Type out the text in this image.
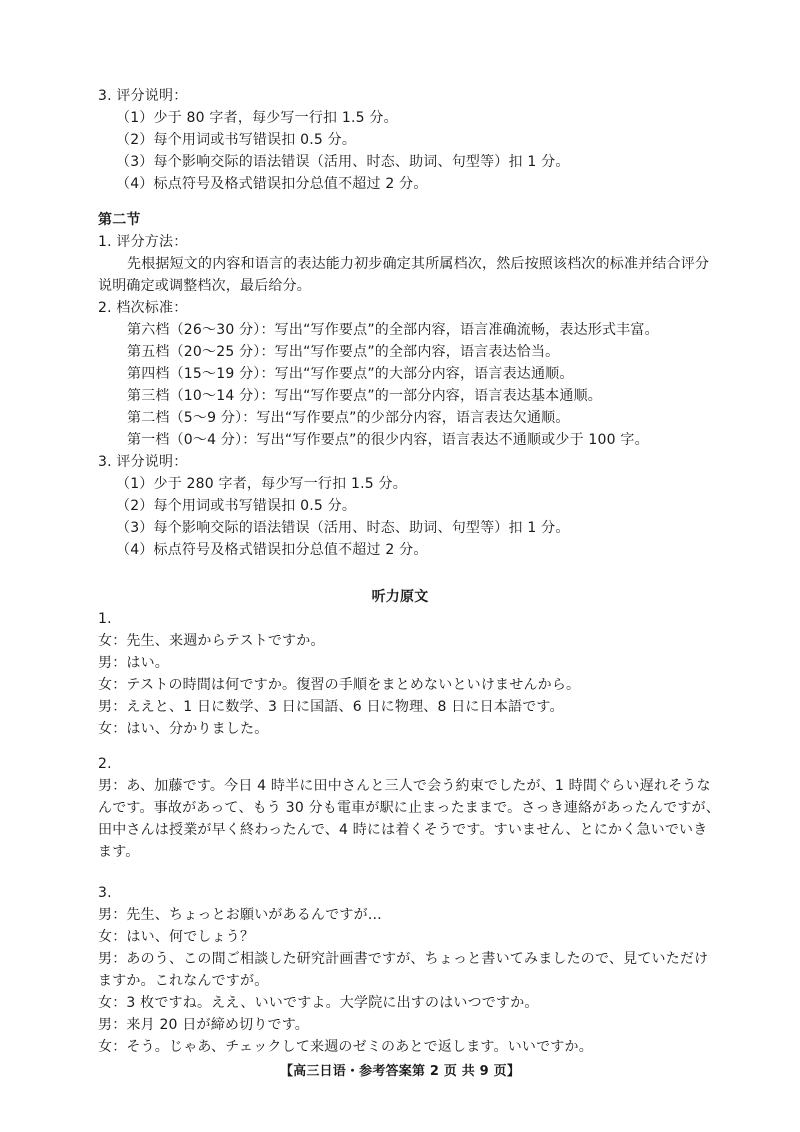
3. 评分说明：
（1）少于 80 字者，每少写一行扣 1.5 分。
（2）每个用词或书写错误扣 0.5 分。
（3）每个影响交际的语法错误（活用、时态、助词、句型等）扣 1 分。
（4）标点符号及格式错误扣分总值不超过 2 分。
第二节
1. 评分方法：
先根据短文的内容和语言的表达能力初步确定其所属档次，然后按照该档次的标准并结合评分
说明确定或调整档次，最后给分。
2. 档次标准：
第六档（26～30 分）：写出“写作要点”的全部内容，语言准确流畅，表达形式丰富。
第五档（20～25 分）：写出“写作要点”的全部内容，语言表达恰当。
第四档（15～19 分）：写出“写作要点”的大部分内容，语言表达通顺。
第三档（10～14 分）：写出“写作要点”的一部分内容，语言表达基本通顺。
第二档（5～9 分）：写出“写作要点”的少部分内容，语言表达欠通顺。
第一档（0～4 分）：写出“写作要点”的很少内容，语言表达不通顺或少于 100 字。
3. 评分说明：
（1）少于 280 字者，每少写一行扣 1.5 分。
（2）每个用词或书写错误扣 0.5 分。
（3）每个影响交际的语法错误（活用、时态、助词、句型等）扣 1 分。
（4）标点符号及格式错误扣分总值不超过 2 分。
听力原文
1.
女：先生、来週からテストですか。
男：はい。
女：テストの時間は何ですか。復習の手順をまとめないといけませんから。
男：ええと、1 日に数学、3 日に国語、6 日に物理、8 日に日本語です。
女：はい、分かりました。
2.
男：あ、加藤です。今日 4 時半に田中さんと三人で会う約束でしたが、1 時間ぐらい遅れそうな
んです。事故があって、もう 30 分も電車が駅に止まったままで。さっき連絡があったんですが、
田中さんは授業が早く終わったんで、4 時には着くそうです。すいません、とにかく急いでいき
ます。
3.
男：先生、ちょっとお願いがあるんですが…
女：はい、何でしょう？
男：あのう、この間ご相談した研究計画書ですが、ちょっと書いてみましたので、見ていただけ
ますか。これなんですが。
女：3 枚ですね。ええ、いいですよ。大学院に出すのはいつですか。
男：来月 20 日が締め切りです。
女：そう。じゃあ、チェックして来週のゼミのあとで返します。いいですか。
【高三日语・参考答案第 2 页 共 9 页】
